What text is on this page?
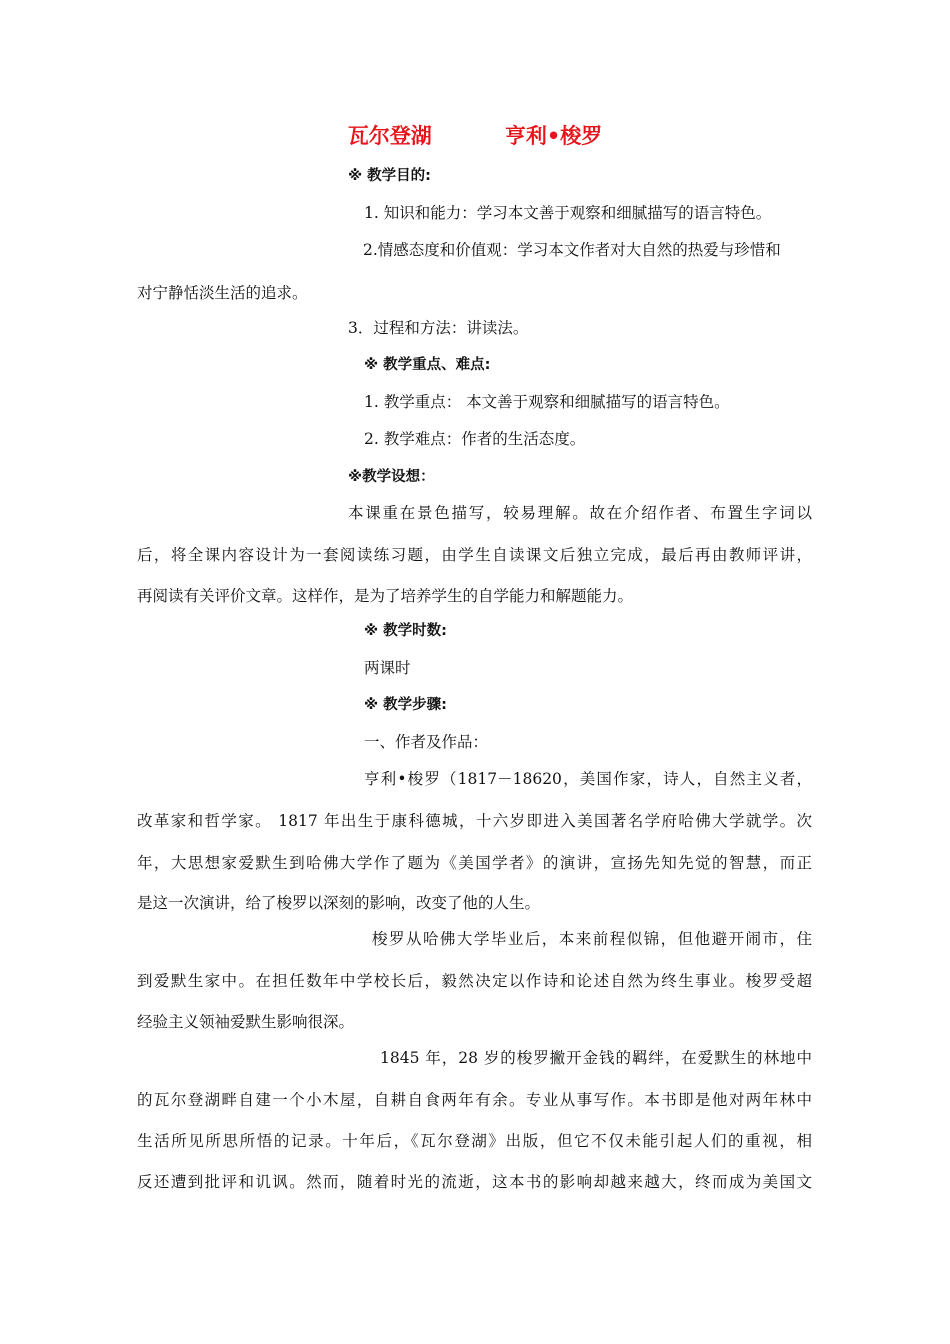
瓦尔登湖          亨利•梭罗
※ 教学目的:
1. 知识和能力：学习本文善于观察和细腻描写的语言特色。
2.情感态度和价值观：学习本文作者对大自然的热爱与珍惜和
对宁静恬淡生活的追求。
3．过程和方法：讲读法。
※ 教学重点、难点:
1. 教学重点： 本文善于观察和细腻描写的语言特色。
2. 教学难点：作者的生活态度。
※教学设想：
本课重在景色描写，较易理解。故在介绍作者、布置生字词以
后，将全课内容设计为一套阅读练习题，由学生自读课文后独立完成，最后再由教师评讲，
再阅读有关评价文章。这样作，是为了培养学生的自学能力和解题能力。
※ 教学时数:
两课时
※ 教学步骤:
一、作者及作品：
亨利•梭罗（1817－18620，美国作家，诗人，自然主义者，
改革家和哲学家。 1817 年出生于康科德城，十六岁即进入美国著名学府哈佛大学就学。次
年，大思想家爱默生到哈佛大学作了题为《美国学者》的演讲，宣扬先知先觉的智慧，而正
是这一次演讲，给了梭罗以深刻的影响，改变了他的人生。
梭罗从哈佛大学毕业后，本来前程似锦，但他避开闹市，住
到爱默生家中。在担任数年中学校长后，毅然决定以作诗和论述自然为终生事业。梭罗受超
经验主义领袖爱默生影响很深。
1845 年，28 岁的梭罗撇开金钱的羁绊，在爱默生的林地中
的瓦尔登湖畔自建一个小木屋，自耕自食两年有余。专业从事写作。本书即是他对两年林中
生活所见所思所悟的记录。十年后，《瓦尔登湖》出版，但它不仅未能引起人们的重视，相
反还遭到批评和讥讽。然而，随着时光的流逝，这本书的影响却越来越大，终而成为美国文
